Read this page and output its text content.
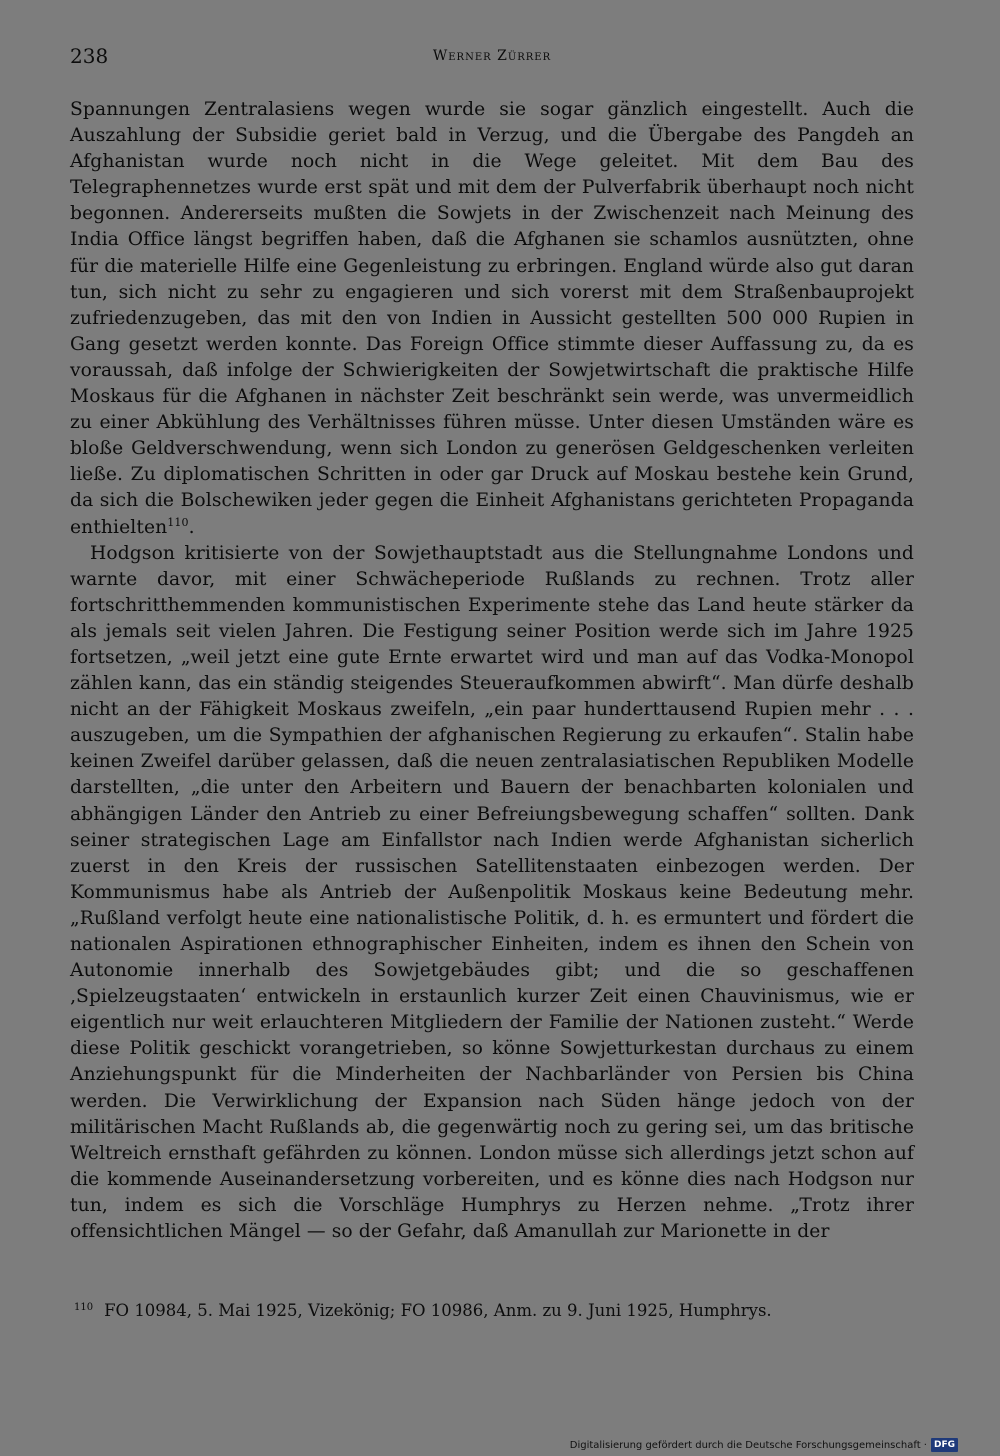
238	Werner Zürrer

Spannungen Zentralasiens wegen wurde sie sogar gänzlich eingestellt. Auch die Auszahlung der Subsidie geriet bald in Verzug, und die Übergabe des Pangdeh an Afghanistan wurde noch nicht in die Wege geleitet. Mit dem Bau des Telegraphennetzes wurde erst spät und mit dem der Pulverfabrik überhaupt noch nicht begonnen. Andererseits mußten die Sowjets in der Zwischenzeit nach Meinung des India Office längst begriffen haben, daß die Afghanen sie schamlos ausnützten, ohne für die materielle Hilfe eine Gegenleistung zu erbringen. England würde also gut daran tun, sich nicht zu sehr zu engagieren und sich vorerst mit dem Straßenbauprojekt zufriedenzugeben, das mit den von Indien in Aussicht gestellten 500 000 Rupien in Gang gesetzt werden konnte. Das Foreign Office stimmte dieser Auffassung zu, da es voraussah, daß infolge der Schwierigkeiten der Sowjetwirtschaft die praktische Hilfe Moskaus für die Afghanen in nächster Zeit beschränkt sein werde, was unvermeidlich zu einer Abkühlung des Verhältnisses führen müsse. Unter diesen Umständen wäre es bloße Geldverschwendung, wenn sich London zu generösen Geldgeschenken verleiten ließe. Zu diplomatischen Schritten in oder gar Druck auf Moskau bestehe kein Grund, da sich die Bolschewiken jeder gegen die Einheit Afghanistans gerichteten Propaganda enthielten$^{110}$.

Hodgson kritisierte von der Sowjethauptstadt aus die Stellungnahme Londons und warnte davor, mit einer Schwächeperiode Rußlands zu rechnen. Trotz aller fortschritthemmenden kommunistischen Experimente stehe das Land heute stärker da als jemals seit vielen Jahren. Die Festigung seiner Position werde sich im Jahre 1925 fortsetzen, „weil jetzt eine gute Ernte erwartet wird und man auf das Vodka-Monopol zählen kann, das ein ständig steigendes Steueraufkommen abwirft“. Man dürfe deshalb nicht an der Fähigkeit Moskaus zweifeln, „ein paar hunderttausend Rupien mehr . . . auszugeben, um die Sympathien der afghanischen Regierung zu erkaufen“. Stalin habe keinen Zweifel darüber gelassen, daß die neuen zentralasiatischen Republiken Modelle darstellten, „die unter den Arbeitern und Bauern der benachbarten kolonialen und abhängigen Länder den Antrieb zu einer Befreiungsbewegung schaffen“ sollten. Dank seiner strategischen Lage am Einfallstor nach Indien werde Afghanistan sicherlich zuerst in den Kreis der russischen Satellitenstaaten einbezogen werden. Der Kommunismus habe als Antrieb der Außenpolitik Moskaus keine Bedeutung mehr. „Rußland verfolgt heute eine nationalistische Politik, d. h. es ermuntert und fördert die nationalen Aspirationen ethnographischer Einheiten, indem es ihnen den Schein von Autonomie innerhalb des Sowjetgebäudes gibt; und die so geschaffenen ‚Spielzeugstaaten‘ entwickeln in erstaunlich kurzer Zeit einen Chauvinismus, wie er eigentlich nur weit erlauchteren Mitgliedern der Familie der Nationen zusteht.“ Werde diese Politik geschickt vorangetrieben, so könne Sowjetturkestan durchaus zu einem Anziehungspunkt für die Minderheiten der Nachbarländer von Persien bis China werden. Die Verwirklichung der Expansion nach Süden hänge jedoch von der militärischen Macht Rußlands ab, die gegenwärtig noch zu gering sei, um das britische Weltreich ernsthaft gefährden zu können. London müsse sich allerdings jetzt schon auf die kommende Auseinandersetzung vorbereiten, und es könne dies nach Hodgson nur tun, indem es sich die Vorschläge Humphrys zu Herzen nehme. „Trotz ihrer offensichtlichen Mängel — so der Gefahr, daß Amanullah zur Marionette in der

110 FO 10984, 5. Mai 1925, Vizekönig; FO 10986, Anm. zu 9. Juni 1925, Humphrys.
Digitalisierung gefördert durch die Deutsche Forschungsgemeinschaft · DFG
